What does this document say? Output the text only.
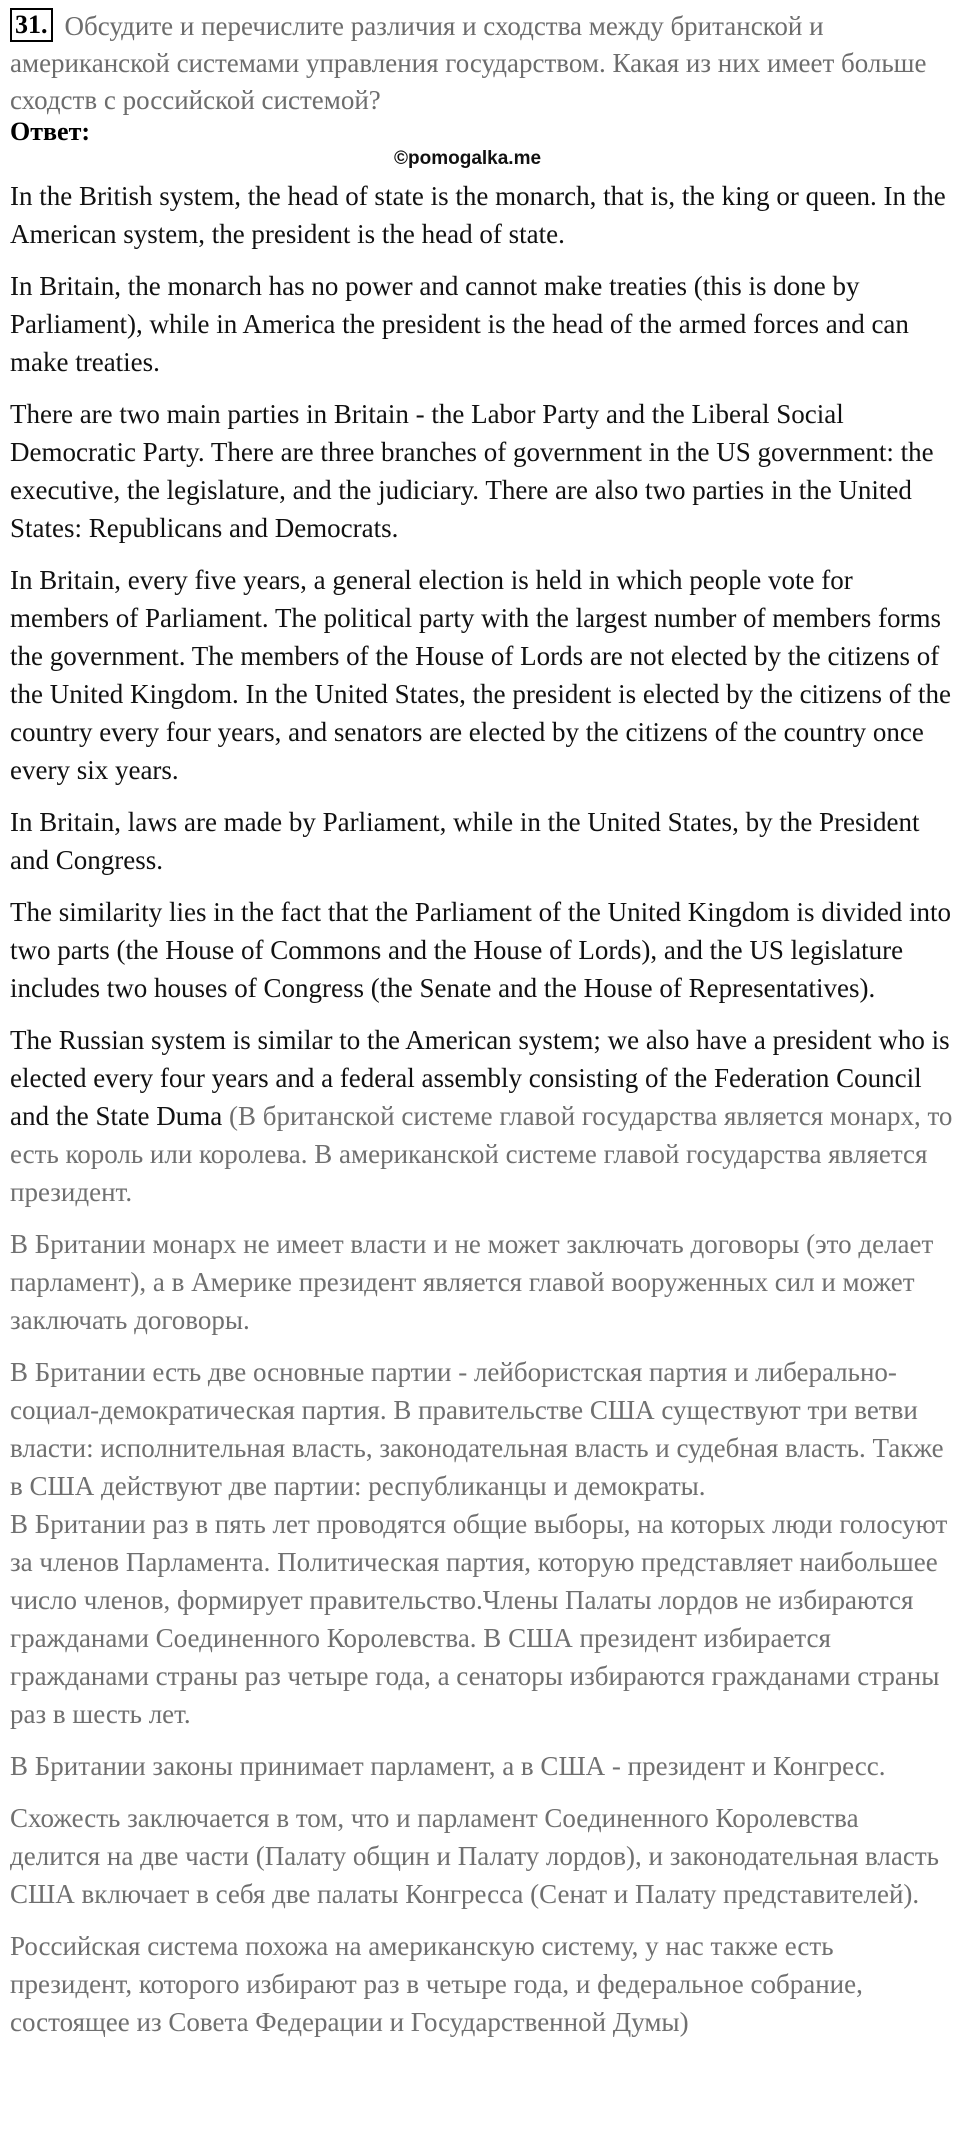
31. Обсудите и перечислите различия и сходства между британской и американской системами управления государством. Какая из них имеет больше сходств с российской системой?

Ответ:

©pomogalka.me

In the British system, the head of state is the monarch, that is, the king or queen. In the American system, the president is the head of state.

In Britain, the monarch has no power and cannot make treaties (this is done by Parliament), while in America the president is the head of the armed forces and can make treaties.

There are two main parties in Britain - the Labor Party and the Liberal Social Democratic Party. There are three branches of government in the US government: the executive, the legislature, and the judiciary. There are also two parties in the United States: Republicans and Democrats.

In Britain, every five years, a general election is held in which people vote for members of Parliament. The political party with the largest number of members forms the government. The members of the House of Lords are not elected by the citizens of the United Kingdom. In the United States, the president is elected by the citizens of the country every four years, and senators are elected by the citizens of the country once every six years.

In Britain, laws are made by Parliament, while in the United States, by the President and Congress.

The similarity lies in the fact that the Parliament of the United Kingdom is divided into two parts (the House of Commons and the House of Lords), and the US legislature includes two houses of Congress (the Senate and the House of Representatives).

The Russian system is similar to the American system; we also have a president who is elected every four years and a federal assembly consisting of the Federation Council and the State Duma (В британской системе главой государства является монарх, то есть король или королева. В американской системе главой государства является президент.

В Британии монарх не имеет власти и не может заключать договоры (это делает парламент), а в Америке президент является главой вооруженных сил и может заключать договоры.

В Британии есть две основные партии - лейбористская партия и либерально-социал-демократическая партия. В правительстве США существуют три ветви власти: исполнительная власть, законодательная власть и судебная власть. Также в США действуют две партии: республиканцы и демократы.

В Британии раз в пять лет проводятся общие выборы, на которых люди голосуют за членов Парламента. Политическая партия, которую представляет наибольшее число членов, формирует правительство.Члены Палаты лордов не избираются гражданами Соединенного Королевства. В США президент избирается гражданами страны раз четыре года, а сенаторы избираются гражданами страны раз в шесть лет.

В Британии законы принимает парламент, а в США - президент и Конгресс.

Схожесть заключается в том, что и парламент Соединенного Королевства делится на две части (Палату общин и Палату лордов), и законодательная власть США включает в себя две палаты Конгресса (Сенат и Палату представителей).

Российская система похожа на американскую систему, у нас также есть президент, которого избирают раз в четыре года, и федеральное собрание, состоящее из Совета Федерации и Государственной Думы)
